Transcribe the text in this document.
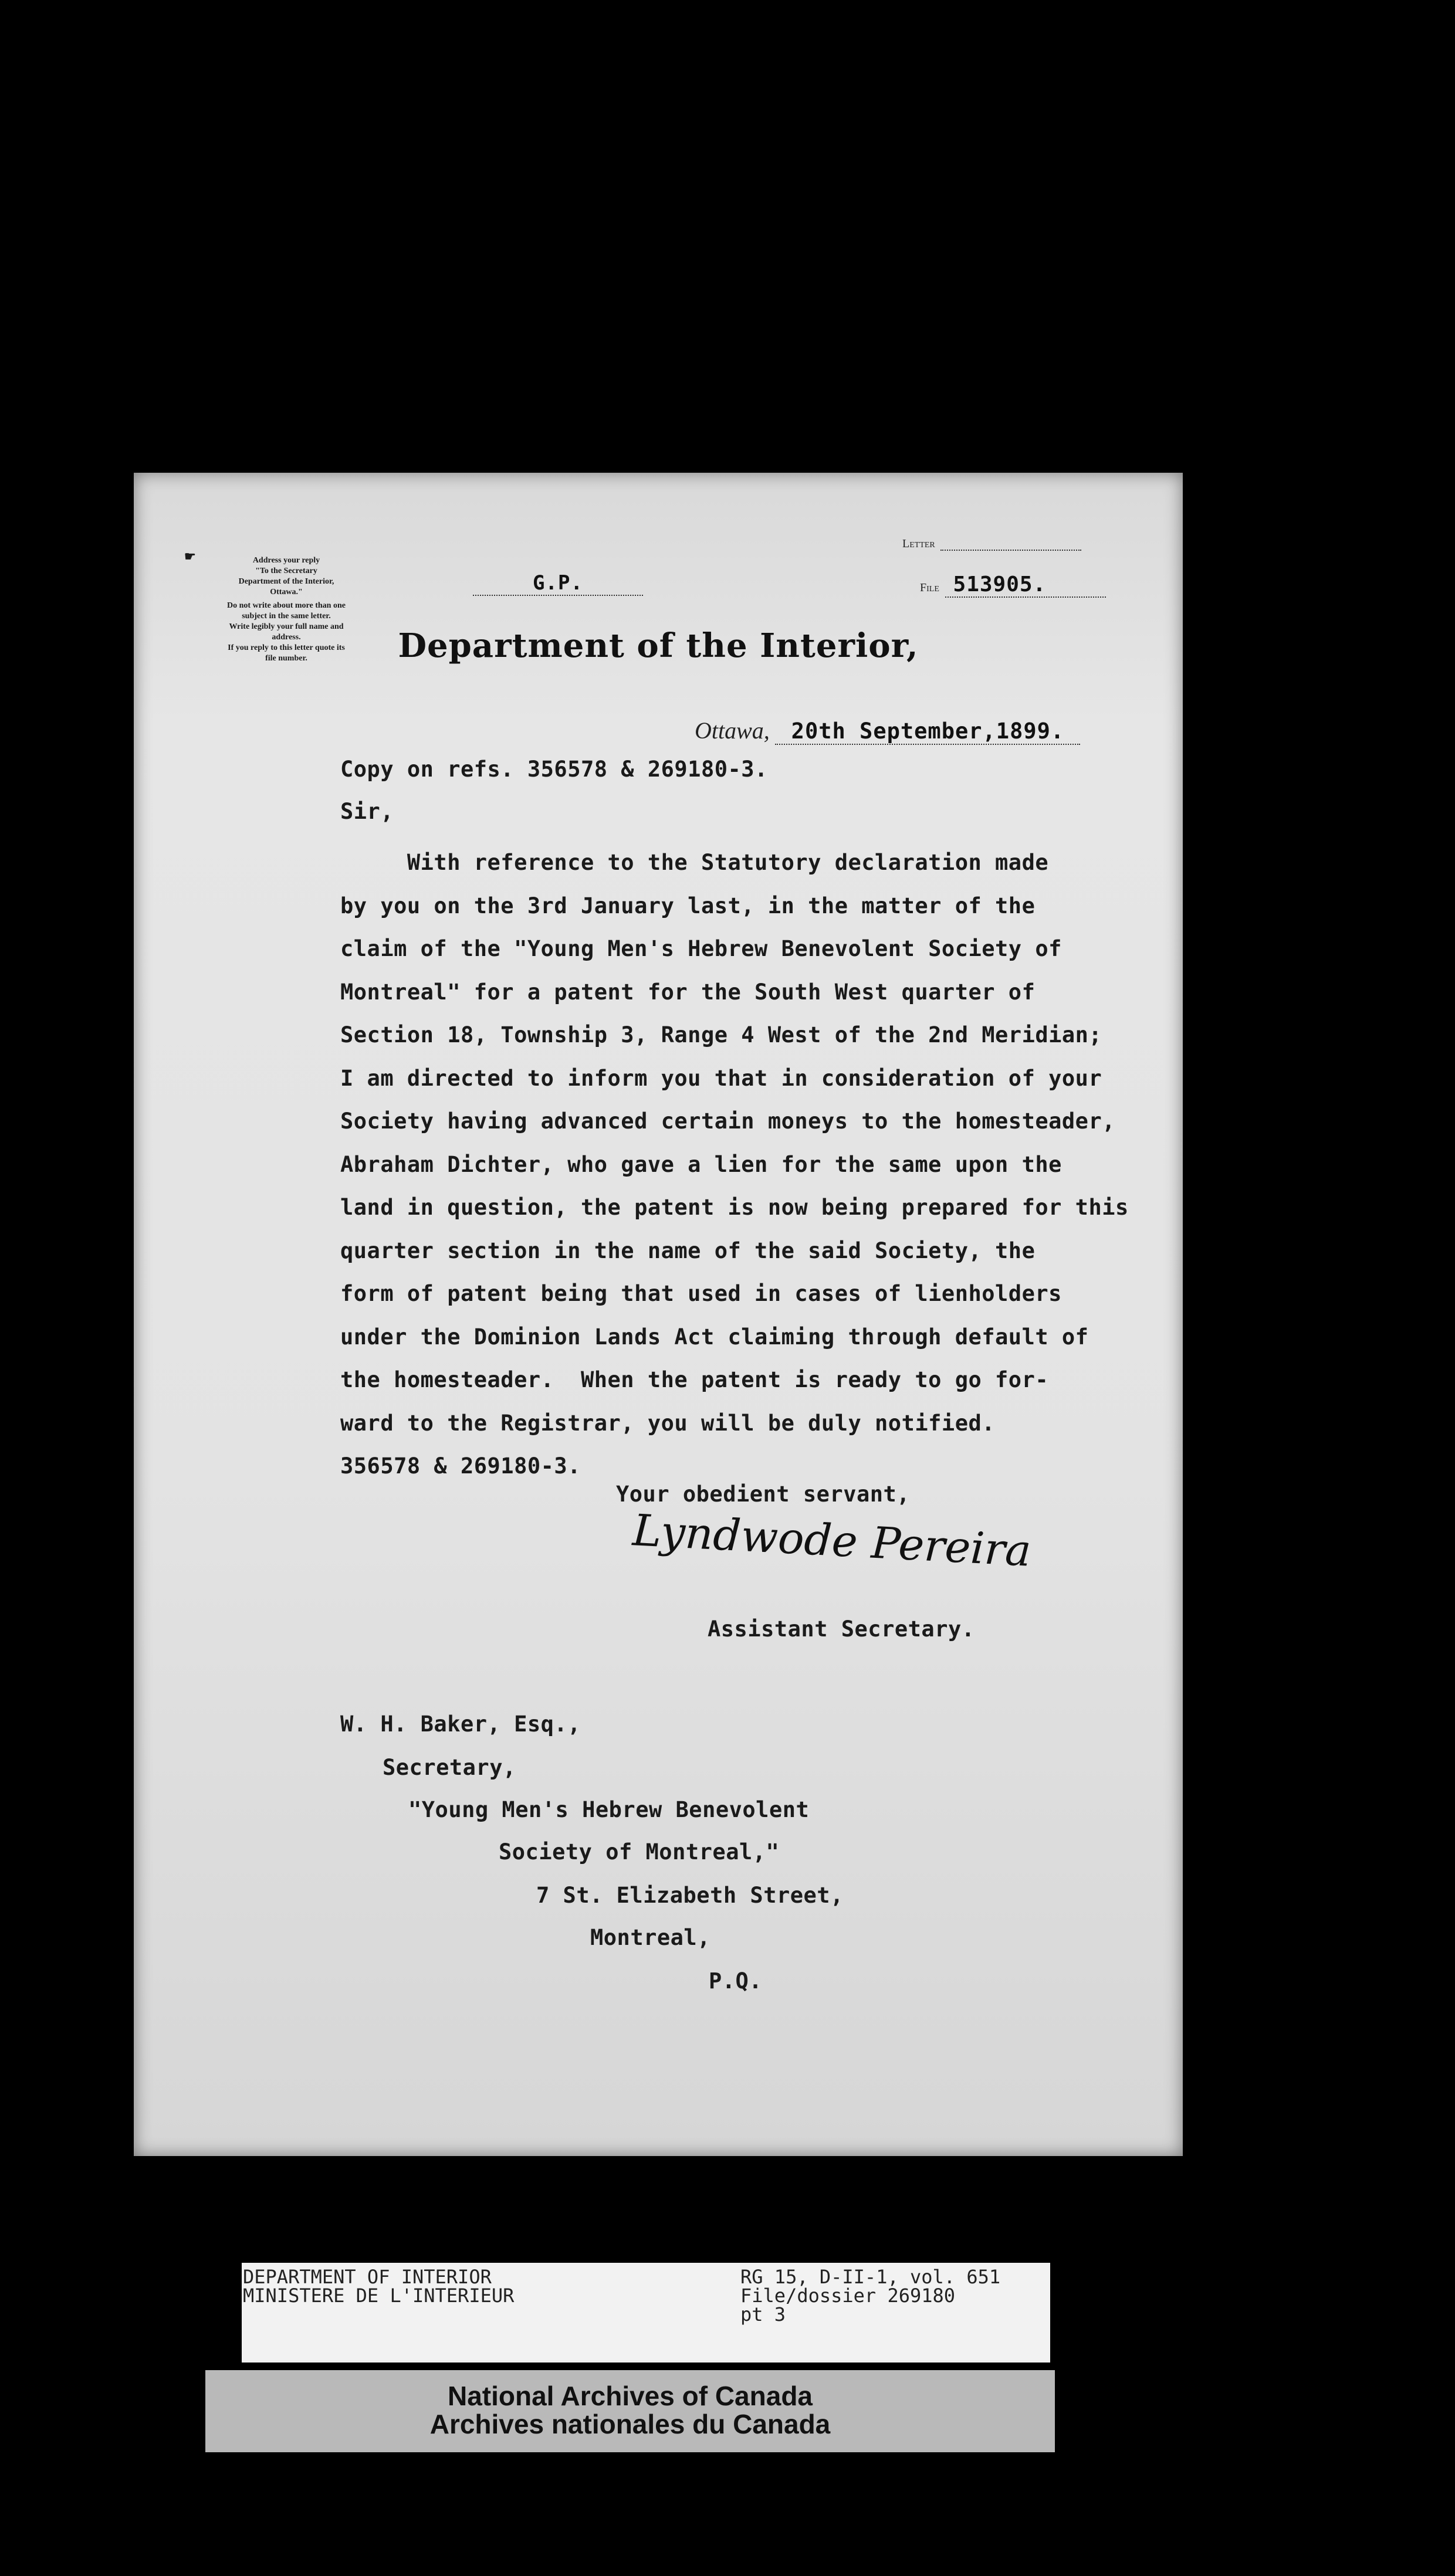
☛	Address your reply
"To the Secretary
Department of the Interior,
Ottawa."
Do not write about more than one
subject in the same letter.
Write legibly your full name and
address.
If you reply to this letter quote its
file number.
G.P.
Letter
File 513905.
Department of the Interior,
Ottawa, 20th September,1899.
Copy on refs. 356578 & 269180-3.
Sir,
With reference to the Statutory declaration made
by you on the 3rd January last, in the matter of the
claim of the "Young Men's Hebrew Benevolent Society of
Montreal" for a patent for the South West quarter of
Section 18, Township 3, Range 4 West of the 2nd Meridian;
I am directed to inform you that in consideration of your
Society having advanced certain moneys to the homesteader,
Abraham Dichter, who gave a lien for the same upon the
land in question, the patent is now being prepared for this
quarter section in the name of the said Society, the
form of patent being that used in cases of lienholders
under the Dominion Lands Act claiming through default of
the homesteader.  When the patent is ready to go for-
ward to the Registrar, you will be duly notified.
356578 & 269180-3.
Your obedient servant,
Lyndwode Pereira
Assistant Secretary.
W. H. Baker, Esq.,
Secretary,
"Young Men's Hebrew Benevolent
Society of Montreal,"
7 St. Elizabeth Street,
Montreal,
P.Q.
DEPARTMENT OF INTERIOR
MINISTERE DE L'INTERIEUR
RG 15, D-II-1, vol. 651
File/dossier 269180
pt 3
National Archives of Canada
Archives nationales du Canada
